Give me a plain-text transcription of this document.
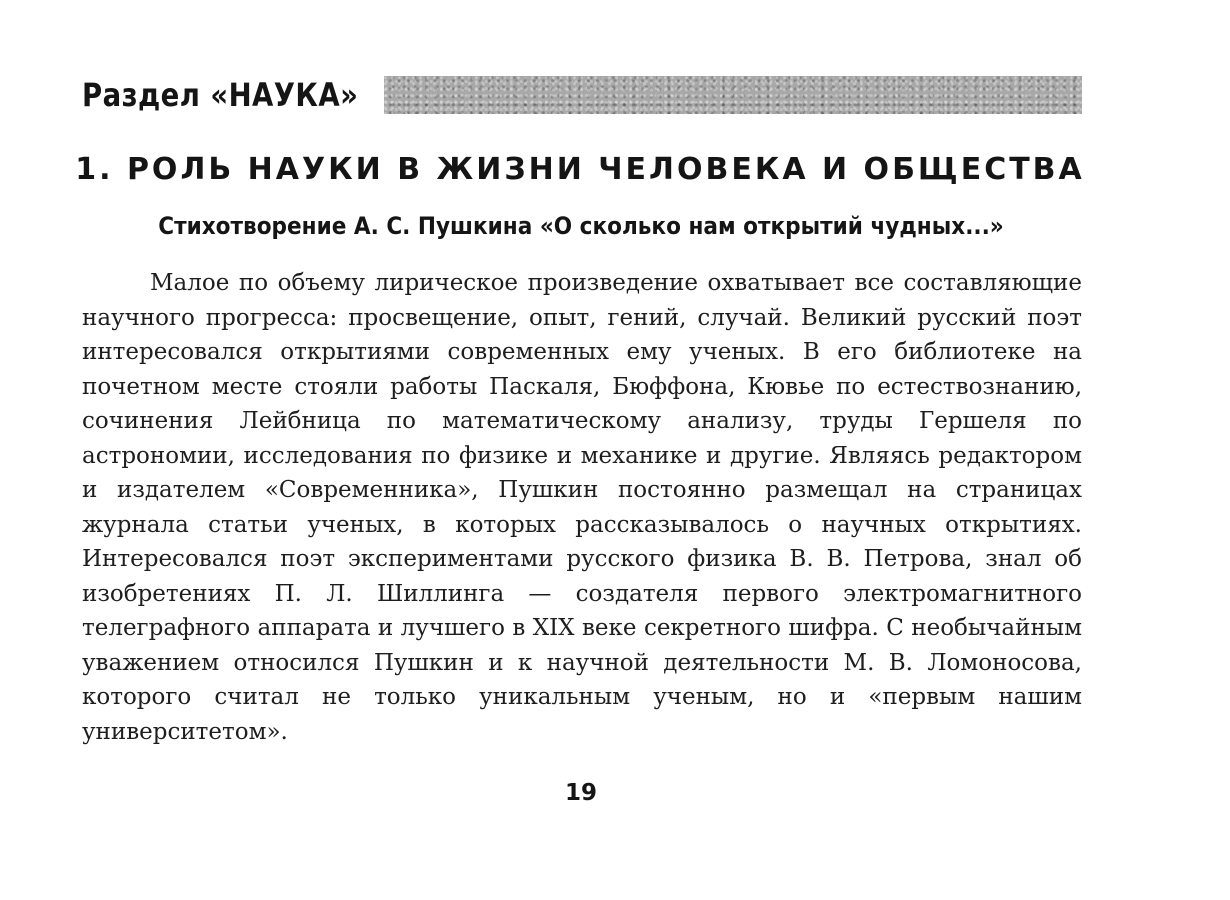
Раздел «НАУКА»
1. РОЛЬ НАУКИ В ЖИЗНИ ЧЕЛОВЕКА И ОБЩЕСТВА
Стихотворение А. С. Пушкина «О сколько нам открытий чудных...»

Малое по объему лирическое произведение охватывает все составляющие научного прогресса: просвещение, опыт, гений, случай. Великий русский поэт интересовался открытиями современных ему ученых. В его библиотеке на почетном месте стояли работы Паскаля, Бюффона, Кювье по естествознанию, сочинения Лейбница по математическому анализу, труды Гершеля по астрономии, исследования по физике и механике и другие. Являясь редактором и издателем «Современника», Пушкин постоянно размещал на страницах журнала статьи ученых, в которых рассказывалось о научных открытиях. Интересовался поэт экспериментами русского физика В. В. Петрова, знал об изобретениях П. Л. Шиллинга — создателя первого электромагнитного телеграфного аппарата и лучшего в XIX веке секретного шифра. С необычайным уважением относился Пушкин и к научной деятельности М. В. Ломоносова, которого считал не только уникальным ученым, но и «первым нашим университетом».

19
